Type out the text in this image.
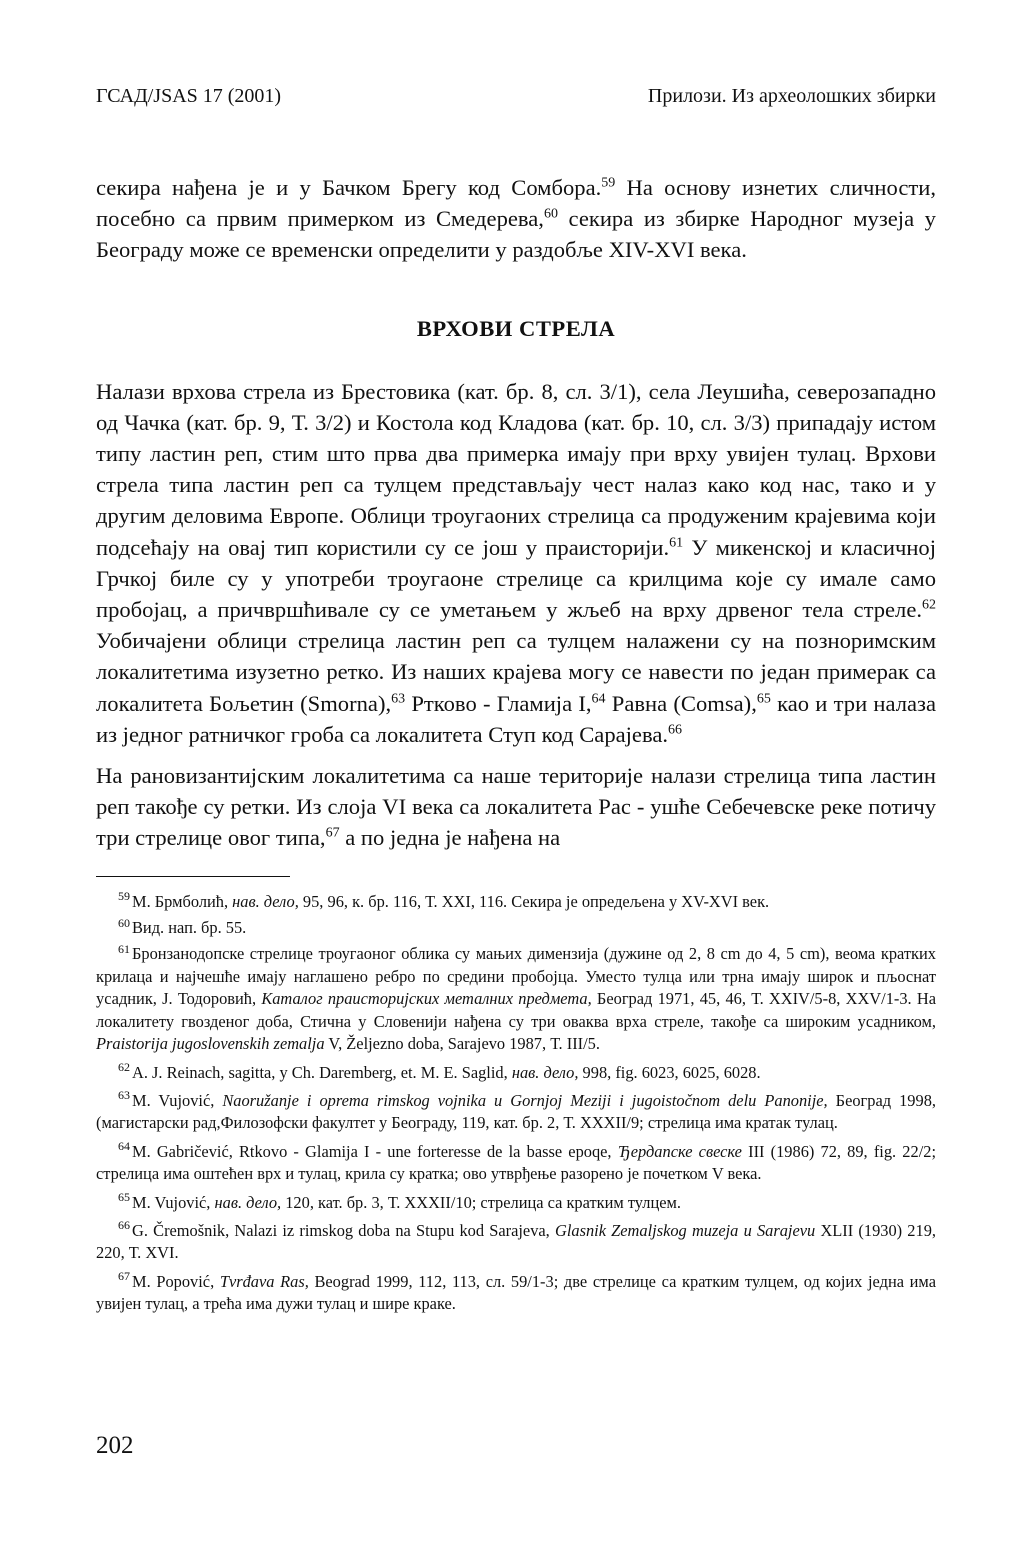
ГСАД/JSAS 17 (2001)	Прилози. Из археолошких збирки

секира нађена је и у Бачком Брегу код Сомбора.$^{59}$ На основу изнетих сличности, посебно са првим примерком из Смедерева,$^{60}$ секира из збирке Народног музеја у Београду може се временски определити у раздобље XIV-XVI века.

ВРХОВИ СТРЕЛА

Налази врхова стрела из Брестовика (кат. бр. 8, сл. 3/1), села Леушића, северозападно од Чачка (кат. бр. 9, Т. 3/2) и Костола код Кладова (кат. бр. 10, сл. 3/3) припадају истом типу ластин реп, стим што прва два примерка имају при врху увијен тулац. Врхови стрела типа ластин реп са тулцем представљају чест налаз како код нас, тако и у другим деловима Европе. Облици троугаоних стрелица са продуженим крајевима који подсећају на овај тип користили су се још у праисторији.$^{61}$ У микенској и класичној Грчкој биле су у употреби троугаоне стрелице са крилцима које су имале само пробојац, а причвршћивале су се уметањем у жљеб на врху дрвеног тела стреле.$^{62}$ Уобичајени облици стрелица ластин реп са тулцем налажени су на позноримским локалитетима изузетно ретко. Из наших крајева могу се навести по један примерак са локалитета Бољетин (Smorna),$^{63}$ Ртково - Гламија I,$^{64}$ Равна (Comsa),$^{65}$ као и три налаза из једног ратничког гроба са локалитета Ступ код Сарајева.$^{66}$

На рановизантијским локалитетима са наше територије налази стрелица типа ластин реп такође су ретки. Из слоја VI века са локалитета Рас - ушће Себечевске реке потичу три стрелице овог типа,$^{67}$ а по једна је нађена на

$^{59}$ М. Брмболић, нав. дело, 95, 96, к. бр. 116, Т. XXI, 116. Секира је опредељена у XV-XVI век.

$^{60}$ Вид. нап. бр. 55.

$^{61}$ Бронзанодопске стрелице троугаоног облика су мањих димензија (дужине од 2, 8 cm до 4, 5 cm), веома кратких крилаца и најчешће имају наглашено ребро по средини пробојца. Уместо тулца или трна имају широк и пљоснат усадник, Ј. Тодоровић, Каталог праисторијских металних предмета, Београд 1971, 45, 46, Т. XXIV/5-8, XXV/1-3. На локалитету гвозденог доба, Стична у Словенији нађена су три оваква врха стреле, такође са широким усадником, Praistorija jugoslovenskih zemalja V, Željezno doba, Sarajevo 1987, Т. III/5.

$^{62}$ A. J. Reinach, sagitta, у Ch. Daremberg, et. M. E. Saglid, нав. дело, 998, fig. 6023, 6025, 6028.

$^{63}$ M. Vujović, Naoružanje i oprema rimskog vojnika u Gornjoj Meziji i jugoistočnom delu Panonije, Београд 1998, (магистарски рад,Филозофски факултет у Београду, 119, кат. бр. 2, Т. XXXII/9; стрелица има кратак тулац.

$^{64}$ M. Gabričević, Rtkovo - Glamija I - une forteresse de la basse epoqe, Ђердапске свеске III (1986) 72, 89, fig. 22/2; стрелица има оштећен врх и тулац, крила су кратка; ово утврђење разорено је почетком V века.

$^{65}$ M. Vujović, нав. дело, 120, кат. бр. 3, Т. XXXII/10; стрелица са кратким тулцем.

$^{66}$ G. Čremošnik, Nalazi iz rimskog doba na Stupu kod Sarajeva, Glasnik Zemaljskog muzeja u Sarajevu XLII (1930) 219, 220, Т. XVI.

$^{67}$ M. Popović, Tvrđava Ras, Beograd 1999, 112, 113, сл. 59/1-3; две стрелице са кратким тулцем, од којих једна има увијен тулац, а трећа има дужи тулац и шире краке.

202
